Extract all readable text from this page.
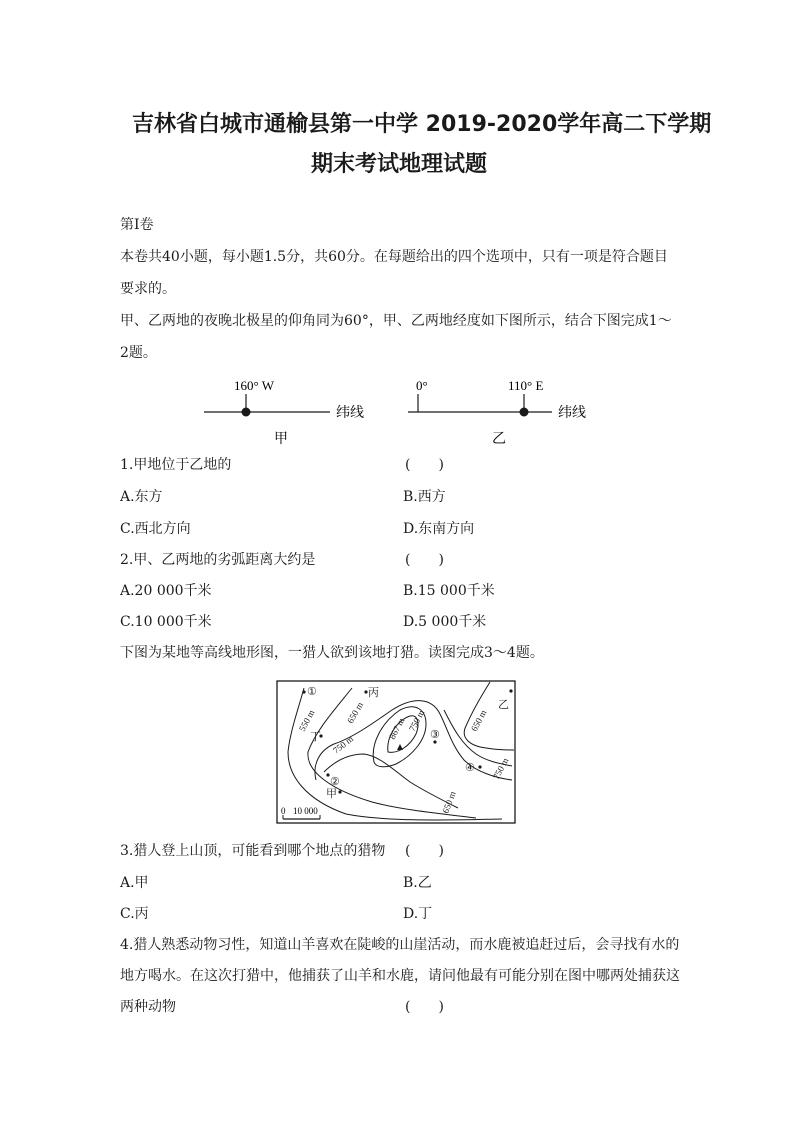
吉林省白城市通榆县第一中学 2019-2020学年高二下学期
期末考试地理试题
第Ⅰ卷
本卷共40小题，每小题1.5分，共60分。在每题给出的四个选项中，只有一项是符合题目
要求的。
甲、乙两地的夜晚北极星的仰角同为60°，甲、乙两地经度如下图所示，结合下图完成1～
2题。
160° W
纬线
甲
0°	110° E
纬线
乙
1.甲地位于乙地的	(　　)
A.东方	B.西方
C.西北方向	D.东南方向
2.甲、乙两地的劣弧距离大约是	(　　)
A.20 000千米	B.15 000千米
C.10 000千米	D.5 000千米
下图为某地等高线地形图，一猎人欲到该地打猎。读图完成3～4题。
①	丙
乙
丁	③
②
甲
④
550 m	650 m
750 m
867 m 750 m	650 m
750 m
650 m
0 10 000
3.猎人登上山顶，可能看到哪个地点的猎物 (　　)
A.甲	B.乙
C.丙	D.丁
4.猎人熟悉动物习性，知道山羊喜欢在陡峻的山崖活动，而水鹿被追赶过后，会寻找有水的
地方喝水。在这次打猎中，他捕获了山羊和水鹿，请问他最有可能分别在图中哪两处捕获这
两种动物	(　　)
